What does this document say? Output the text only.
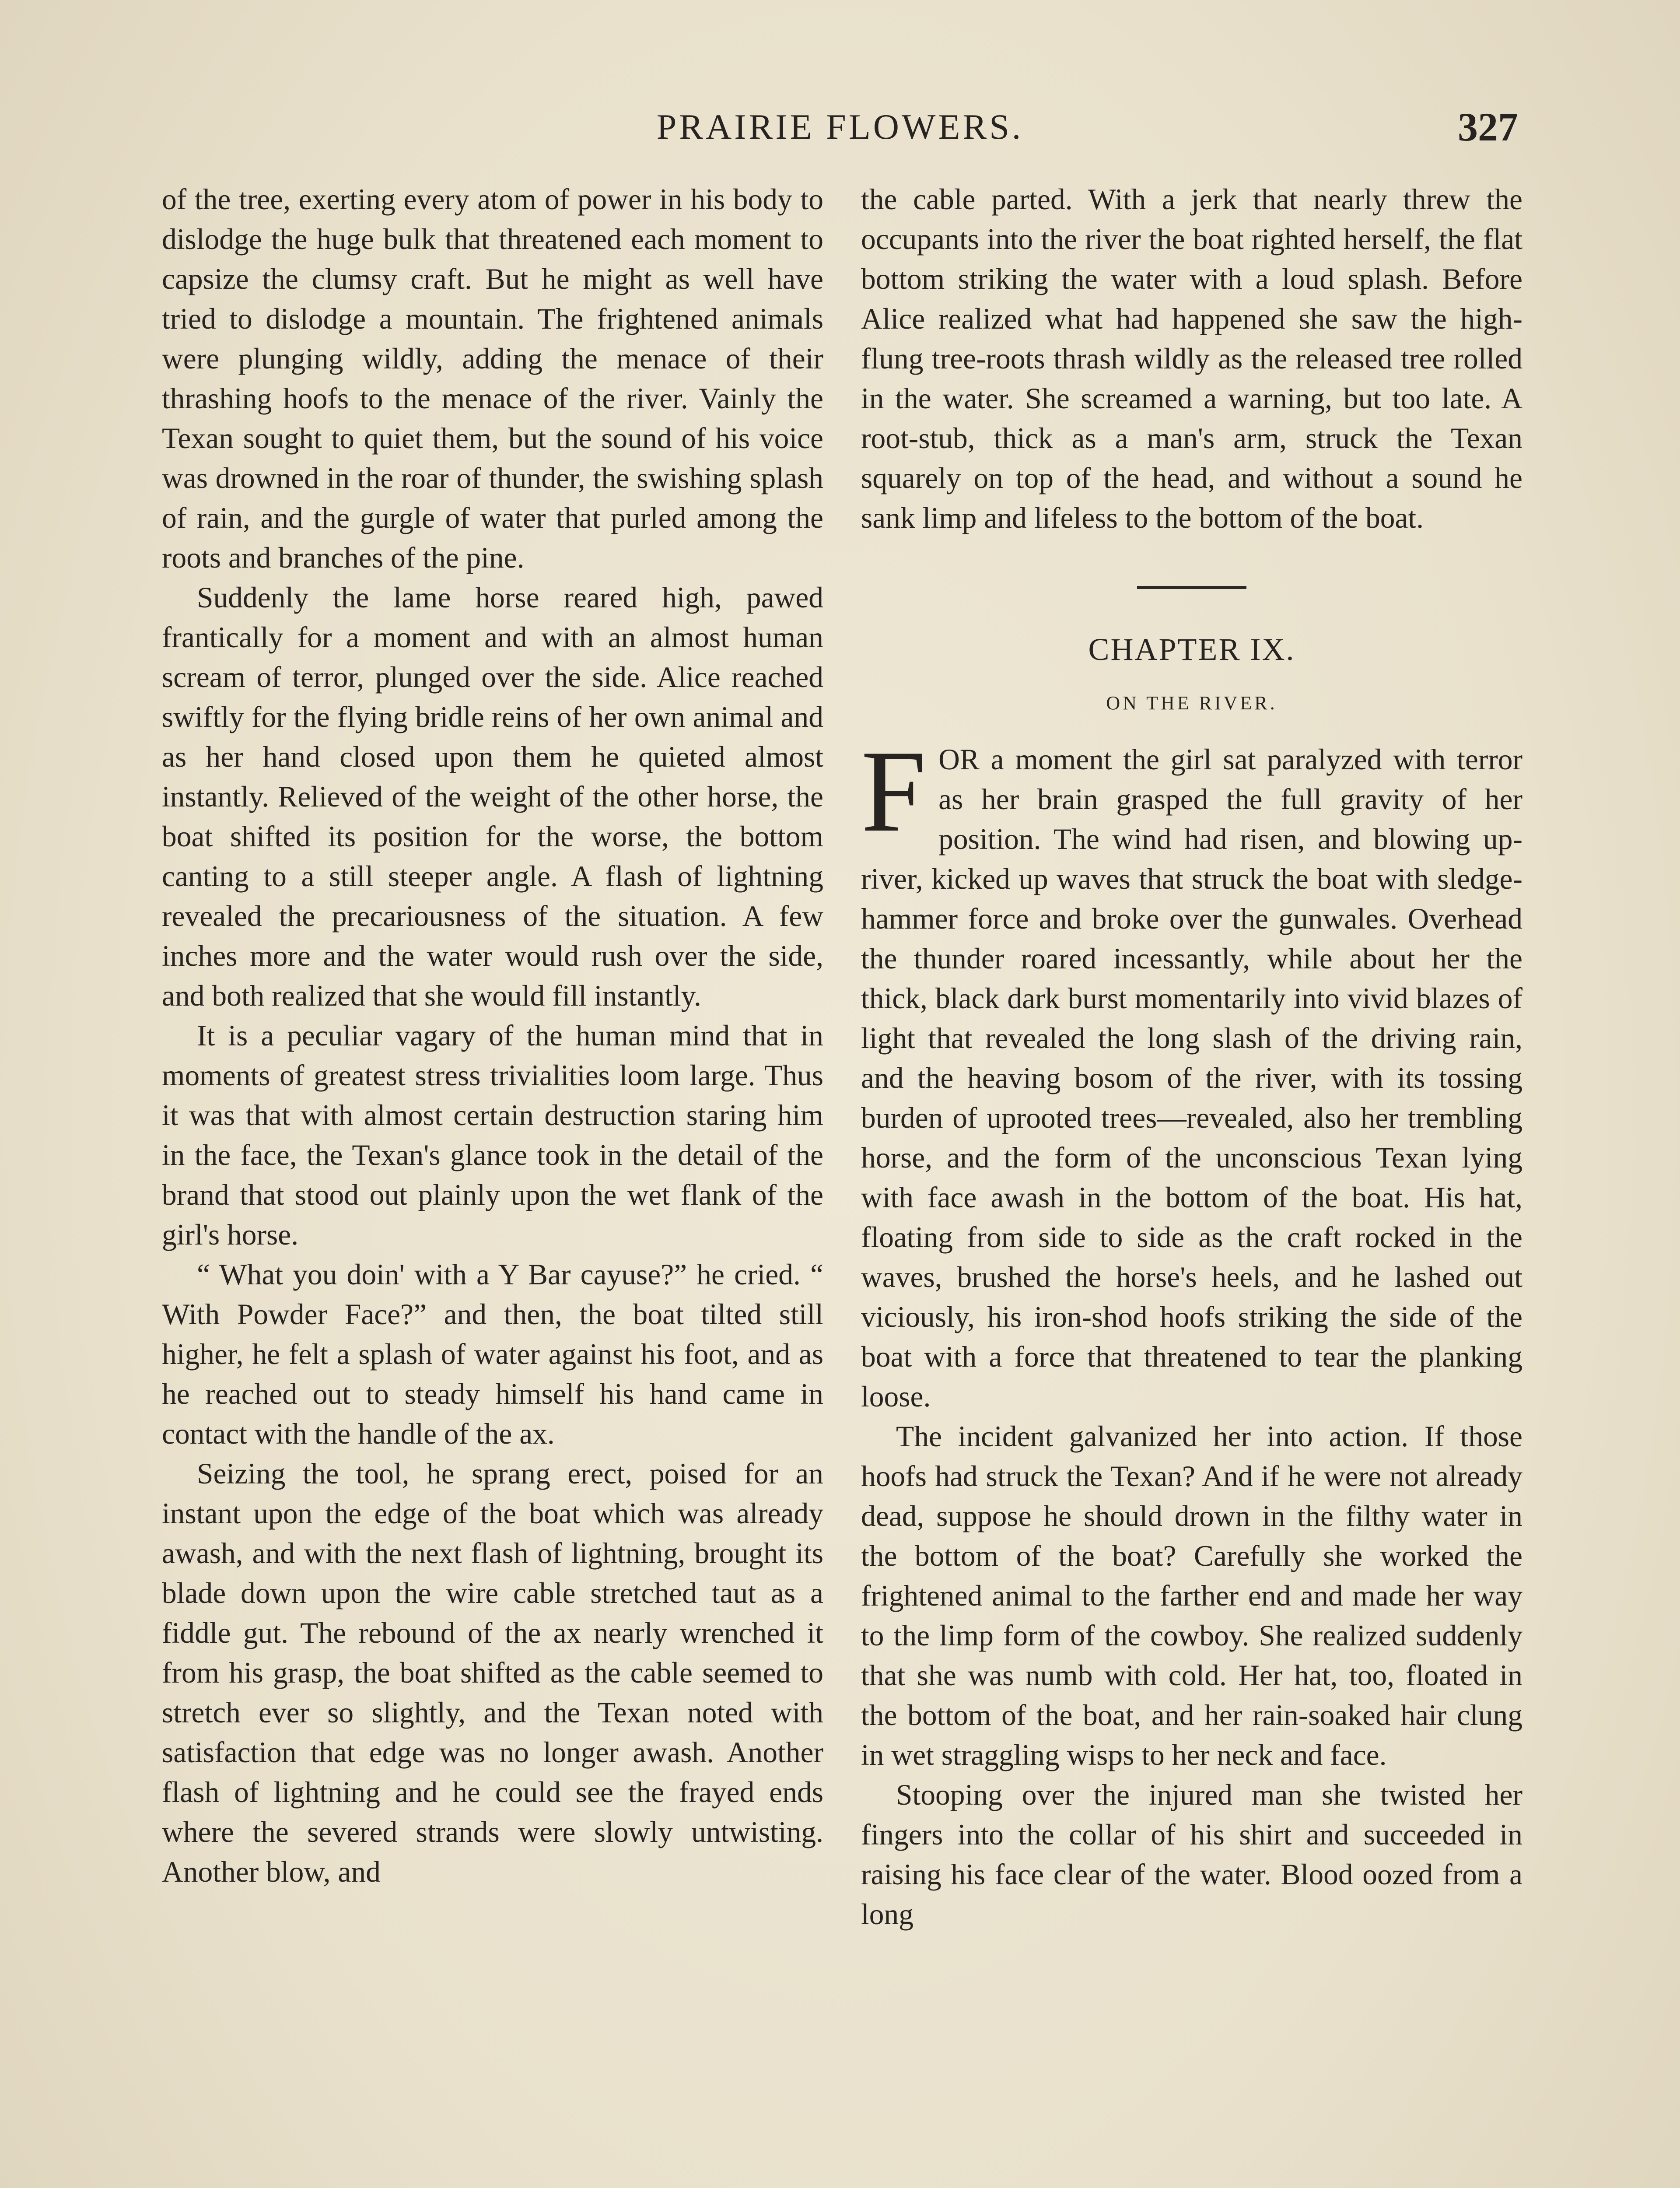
PRAIRIE FLOWERS.	327

of the tree, exerting every atom of power in his body to dislodge the huge bulk that threatened each moment to capsize the clumsy craft. But he might as well have tried to dislodge a mountain. The frightened animals were plunging wildly, adding the menace of their thrashing hoofs to the menace of the river. Vainly the Texan sought to quiet them, but the sound of his voice was drowned in the roar of thunder, the swishing splash of rain, and the gurgle of water that purled among the roots and branches of the pine.

Suddenly the lame horse reared high, pawed frantically for a moment and with an almost human scream of terror, plunged over the side. Alice reached swiftly for the flying bridle reins of her own animal and as her hand closed upon them he quieted almost instantly. Relieved of the weight of the other horse, the boat shifted its position for the worse, the bottom canting to a still steeper angle. A flash of lightning revealed the precariousness of the situation. A few inches more and the water would rush over the side, and both realized that she would fill instantly.

It is a peculiar vagary of the human mind that in moments of greatest stress trivialities loom large. Thus it was that with almost certain destruction staring him in the face, the Texan's glance took in the detail of the brand that stood out plainly upon the wet flank of the girl's horse.

“ What you doin' with a Y Bar cayuse?” he cried. “ With Powder Face?” and then, the boat tilted still higher, he felt a splash of water against his foot, and as he reached out to steady himself his hand came in contact with the handle of the ax.

Seizing the tool, he sprang erect, poised for an instant upon the edge of the boat which was already awash, and with the next flash of lightning, brought its blade down upon the wire cable stretched taut as a fiddle gut. The rebound of the ax nearly wrenched it from his grasp, the boat shifted as the cable seemed to stretch ever so slightly, and the Texan noted with satisfaction that edge was no longer awash. Another flash of lightning and he could see the frayed ends where the severed strands were slowly untwisting. Another blow, and

the cable parted. With a jerk that nearly threw the occupants into the river the boat righted herself, the flat bottom striking the water with a loud splash. Before Alice realized what had happened she saw the high-flung tree-roots thrash wildly as the released tree rolled in the water. She screamed a warning, but too late. A root-stub, thick as a man's arm, struck the Texan squarely on top of the head, and without a sound he sank limp and lifeless to the bottom of the boat.

CHAPTER IX.
ON THE RIVER.

FOR a moment the girl sat paralyzed with terror as her brain grasped the full gravity of her position. The wind had risen, and blowing up-river, kicked up waves that struck the boat with sledge-hammer force and broke over the gunwales. Overhead the thunder roared incessantly, while about her the thick, black dark burst momentarily into vivid blazes of light that revealed the long slash of the driving rain, and the heaving bosom of the river, with its tossing burden of uprooted trees—revealed, also her trembling horse, and the form of the unconscious Texan lying with face awash in the bottom of the boat. His hat, floating from side to side as the craft rocked in the waves, brushed the horse's heels, and he lashed out viciously, his iron-shod hoofs striking the side of the boat with a force that threatened to tear the planking loose.

The incident galvanized her into action. If those hoofs had struck the Texan? And if he were not already dead, suppose he should drown in the filthy water in the bottom of the boat? Carefully she worked the frightened animal to the farther end and made her way to the limp form of the cowboy. She realized suddenly that she was numb with cold. Her hat, too, floated in the bottom of the boat, and her rain-soaked hair clung in wet straggling wisps to her neck and face.

Stooping over the injured man she twisted her fingers into the collar of his shirt and succeeded in raising his face clear of the water. Blood oozed from a long
